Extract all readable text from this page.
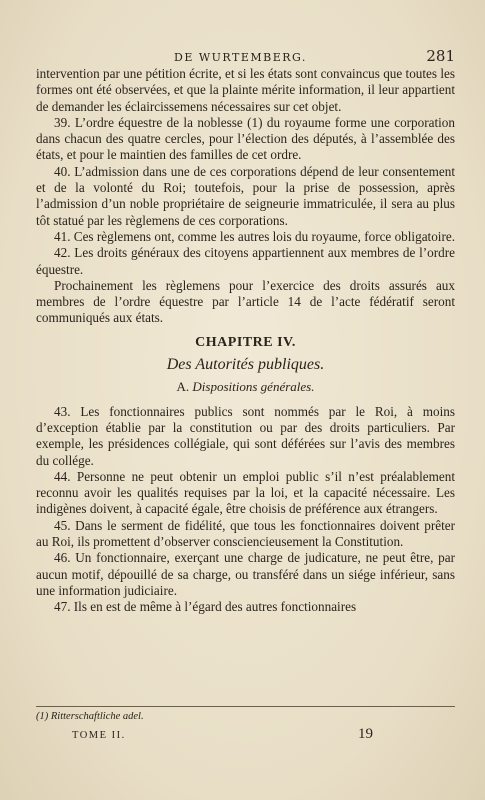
DE WURTEMBERG.	281

intervention par une pétition écrite, et si les états sont convaincus que toutes les formes ont été observées, et que la plainte mérite information, il leur appartient de demander les éclaircissemens nécessaires sur cet objet.

39. L’ordre équestre de la noblesse (1) du royaume forme une corporation dans chacun des quatre cercles, pour l’élection des députés, à l’assemblée des états, et pour le maintien des familles de cet ordre.

40. L’admission dans une de ces corporations dépend de leur consentement et de la volonté du Roi; toutefois, pour la prise de possession, après l’admission d’un noble propriétaire de seigneurie immatriculée, il sera au plus tôt statué par les règlemens de ces corporations.

41. Ces règlemens ont, comme les autres lois du royaume, force obligatoire.

42. Les droits généraux des citoyens appartiennent aux membres de l’ordre équestre.

Prochainement les règlemens pour l’exercice des droits assurés aux membres de l’ordre équestre par l’article 14 de l’acte fédératif seront communiqués aux états.

CHAPITRE IV.
Des Autorités publiques.
A. Dispositions générales.

43. Les fonctionnaires publics sont nommés par le Roi, à moins d’exception établie par la constitution ou par des droits particuliers. Par exemple, les présidences collégiale, qui sont déférées sur l’avis des membres du collége.

44. Personne ne peut obtenir un emploi public s’il n’est préalablement reconnu avoir les qualités requises par la loi, et la capacité nécessaire. Les indigènes doivent, à capacité égale, être choisis de préférence aux étrangers.

45. Dans le serment de fidélité, que tous les fonctionnaires doivent prêter au Roi, ils promettent d’observer consciencieusement la Constitution.

46. Un fonctionnaire, exerçant une charge de judicature, ne peut être, par aucun motif, dépouillé de sa charge, ou transféré dans un siége inférieur, sans une information judiciaire.

47. Ils en est de même à l’égard des autres fonctionnaires

(1) Ritterschaftliche adel.
TOME II.	19
